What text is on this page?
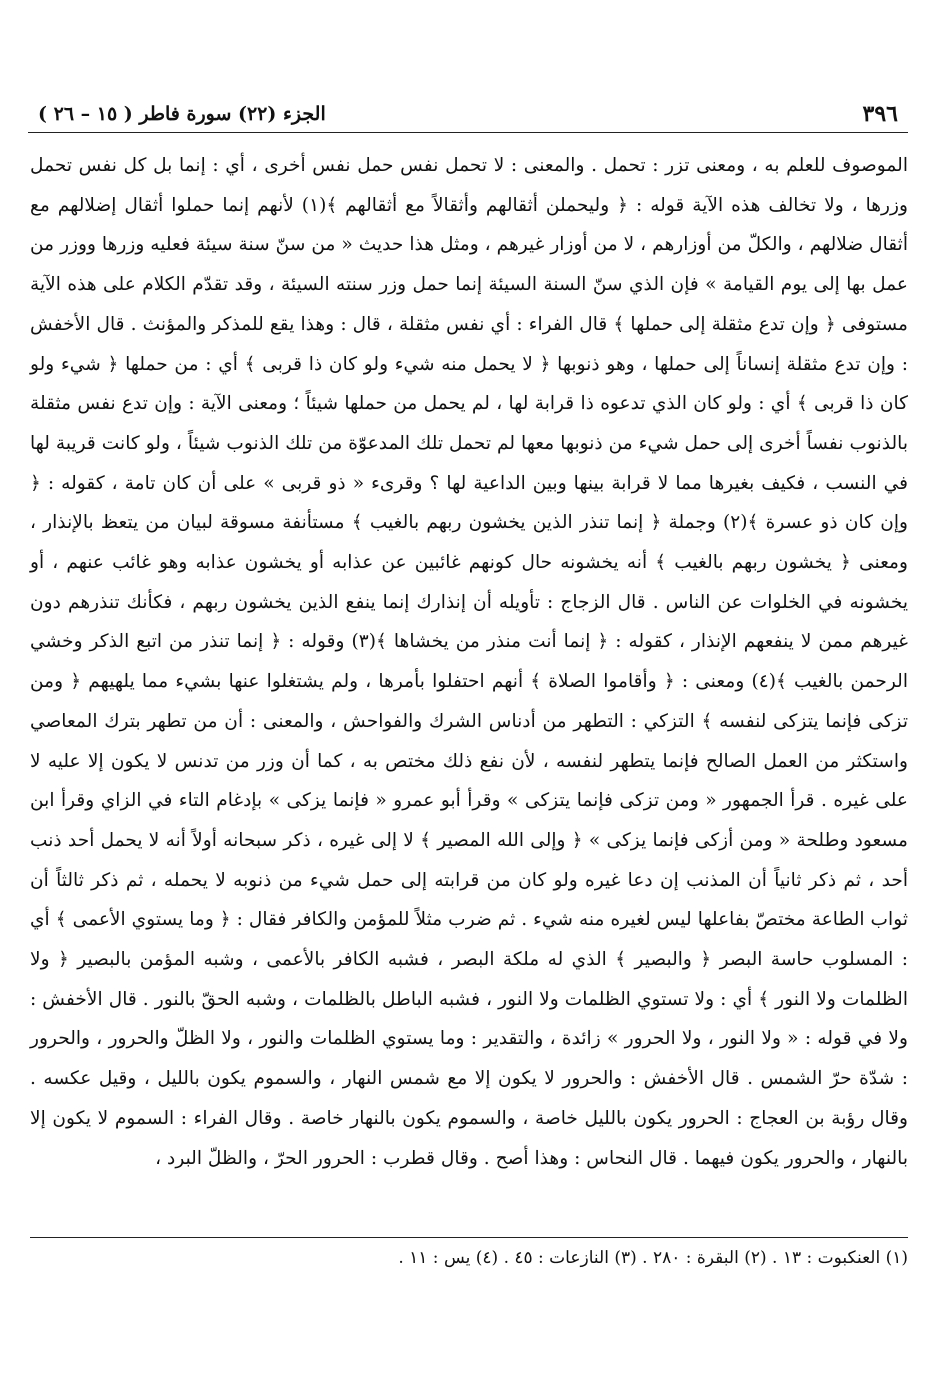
٣٩٦
الجزء (٢٢) سورة فاطر ( ١٥ – ٢٦ )

الموصوف للعلم به ، ومعنى تزر : تحمل . والمعنى : لا تحمل نفس حمل نفس أخرى ، أي : إنما بل كل نفس تحمل وزرها ، ولا تخالف هذه الآية قوله : ﴿ وليحملن أثقالهم وأثقالاً مع أثقالهم ﴾(١) لأنهم إنما حملوا أثقال إضلالهم مع أثقال ضلالهم ، والكلّ من أوزارهم ، لا من أوزار غيرهم ، ومثل هذا حديث « من سنّ سنة سيئة فعليه وزرها ووزر من عمل بها إلى يوم القيامة » فإن الذي سنّ السنة السيئة إنما حمل وزر سنته السيئة ، وقد تقدّم الكلام على هذه الآية مستوفى ﴿ وإن تدع مثقلة إلى حملها ﴾ قال الفراء : أي نفس مثقلة ، قال : وهذا يقع للمذكر والمؤنث . قال الأخفش : وإن تدع مثقلة إنساناً إلى حملها ، وهو ذنوبها ﴿ لا يحمل منه شيء ولو كان ذا قربى ﴾ أي : من حملها ﴿ شيء ولو كان ذا قربى ﴾ أي : ولو كان الذي تدعوه ذا قرابة لها ، لم يحمل من حملها شيئاً ؛ ومعنى الآية : وإن تدع نفس مثقلة بالذنوب نفساً أخرى إلى حمل شيء من ذنوبها معها لم تحمل تلك المدعوّة من تلك الذنوب شيئاً ، ولو كانت قريبة لها في النسب ، فكيف بغيرها مما لا قرابة بينها وبين الداعية لها ؟ وقرىء « ذو قربى » على أن كان تامة ، كقوله : ﴿ وإن كان ذو عسرة ﴾(٢) وجملة ﴿ إنما تنذر الذين يخشون ربهم بالغيب ﴾ مستأنفة مسوقة لبيان من يتعظ بالإنذار ، ومعنى ﴿ يخشون ربهم بالغيب ﴾ أنه يخشونه حال كونهم غائبين عن عذابه أو يخشون عذابه وهو غائب عنهم ، أو يخشونه في الخلوات عن الناس . قال الزجاج : تأويله أن إنذارك إنما ينفع الذين يخشون ربهم ، فكأنك تنذرهم دون غيرهم ممن لا ينفعهم الإنذار ، كقوله : ﴿ إنما أنت منذر من يخشاها ﴾(٣) وقوله : ﴿ إنما تنذر من اتبع الذكر وخشي الرحمن بالغيب ﴾(٤) ومعنى : ﴿ وأقاموا الصلاة ﴾ أنهم احتفلوا بأمرها ، ولم يشتغلوا عنها بشيء مما يلهيهم ﴿ ومن تزكى فإنما يتزكى لنفسه ﴾ التزكي : التطهر من أدناس الشرك والفواحش ، والمعنى : أن من تطهر بترك المعاصي واستكثر من العمل الصالح فإنما يتطهر لنفسه ، لأن نفع ذلك مختص به ، كما أن وزر من تدنس لا يكون إلا عليه لا على غيره . قرأ الجمهور « ومن تزكى فإنما يتزكى » وقرأ أبو عمرو « فإنما يزكى » بإدغام التاء في الزاي وقرأ ابن مسعود وطلحة « ومن أزكى فإنما يزكى » ﴿ وإلى الله المصير ﴾ لا إلى غيره ، ذكر سبحانه أولاً أنه لا يحمل أحد ذنب أحد ، ثم ذكر ثانياً أن المذنب إن دعا غيره ولو كان من قرابته إلى حمل شيء من ذنوبه لا يحمله ، ثم ذكر ثالثاً أن ثواب الطاعة مختصّ بفاعلها ليس لغيره منه شيء . ثم ضرب مثلاً للمؤمن والكافر فقال : ﴿ وما يستوي الأعمى ﴾ أي : المسلوب حاسة البصر ﴿ والبصير ﴾ الذي له ملكة البصر ، فشبه الكافر بالأعمى ، وشبه المؤمن بالبصير ﴿ ولا الظلمات ولا النور ﴾ أي : ولا تستوي الظلمات ولا النور ، فشبه الباطل بالظلمات ، وشبه الحقّ بالنور . قال الأخفش : ولا في قوله : « ولا النور ، ولا الحرور » زائدة ، والتقدير : وما يستوي الظلمات والنور ، ولا الظلّ والحرور ، والحرور : شدّة حرّ الشمس . قال الأخفش : والحرور لا يكون إلا مع شمس النهار ، والسموم يكون بالليل ، وقيل عكسه . وقال رؤبة بن العجاج : الحرور يكون بالليل خاصة ، والسموم يكون بالنهار خاصة . وقال الفراء : السموم لا يكون إلا بالنهار ، والحرور يكون فيهما . قال النحاس : وهذا أصح . وقال قطرب : الحرور الحرّ ، والظلّ البرد ،

(١) العنكبوت : ١٣ . (٢) البقرة : ٢٨٠ . (٣) النازعات : ٤٥ . (٤) يس : ١١ .
